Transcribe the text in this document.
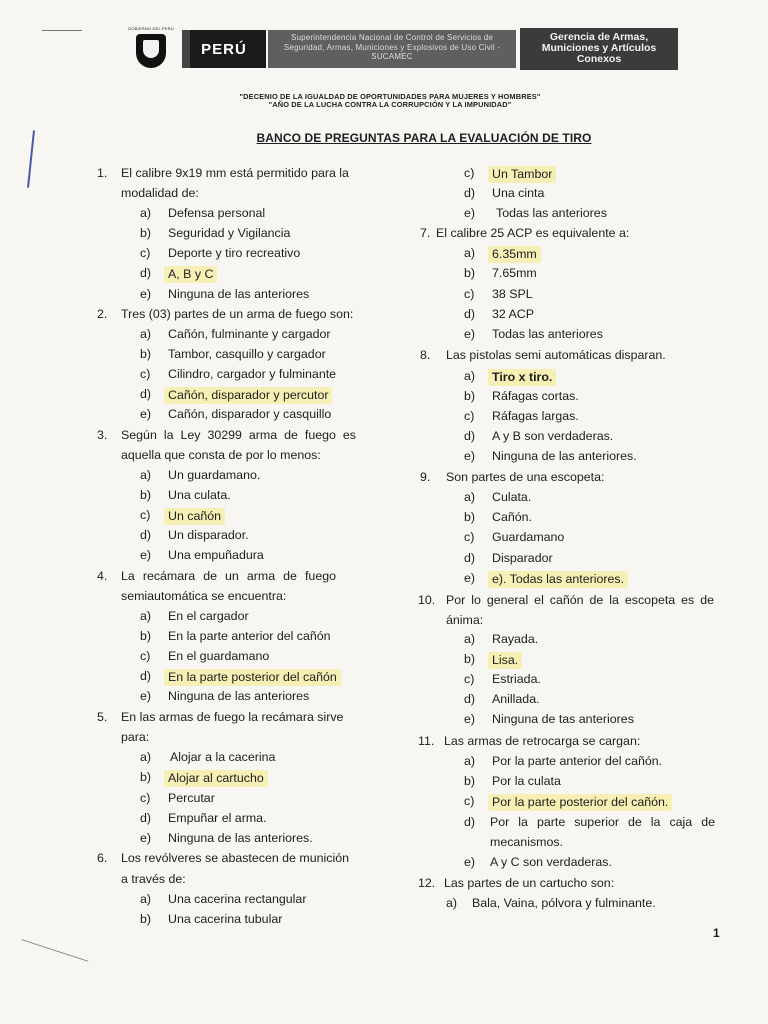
GOBIERNO DEL PERÚ
PERÚ
Superintendencia Nacional de Control de Servicios de Seguridad, Armas, Municiones y Explosivos de Uso Civil - SUCAMEC
Gerencia de Armas, Municiones y Artículos Conexos
"DECENIO DE LA IGUALDAD DE OPORTUNIDADES PARA MUJERES Y HOMBRES"
"AÑO DE LA LUCHA CONTRA LA CORRUPCIÓN Y LA IMPUNIDAD"
BANCO DE PREGUNTAS PARA LA EVALUACIÓN DE TIRO
1. El calibre 9x19 mm está permitido para la
modalidad de:
a) Defensa personal
b) Seguridad y Vigilancia
c) Deporte y tiro recreativo
d)	A, B y C
e) Ninguna de las anteriores
2. Tres (03) partes de un arma de fuego son:
a) Cañón, fulminante y cargador
b) Tambor, casquillo y cargador
c) Cilindro, cargador y fulminante
d)	Cañón, disparador y percutor
e) Cañón, disparador y casquillo
3. Según la Ley 30299 arma de fuego es
aquella que consta de por lo menos:
a) Un guardamano.
b) Una culata.
c)	Un cañón
d) Un disparador.
e) Una empuñadura
4. La recámara de un arma de fuego
semiautomática se encuentra:
a) En el cargador
b) En la parte anterior del cañón
c) En el guardamano
d)	En la parte posterior del cañón
e) Ninguna de las anteriores
5. En las armas de fuego la recámara sirve
para:
a) Alojar a la cacerina
b)	Alojar al cartucho
c) Percutar
d) Empuñar el arma.
e) Ninguna de las anteriores.
6. Los revólveres se abastecen de munición
a través de:
a) Una cacerina rectangular
b) Una cacerina tubular
c)	Un Tambor
d) Una cinta
e) Todas las anteriores
7. El calibre 25 ACP es equivalente a:
a)	6.35mm
b) 7.65mm
c) 38 SPL
d) 32 ACP
e) Todas las anteriores
8. Las pistolas semi automáticas disparan.
a)	Tiro x tiro.
b) Ráfagas cortas.
c) Ráfagas largas.
d) A y B son verdaderas.
e) Ninguna de las anteriores.
9. Son partes de una escopeta:
a) Culata.
b) Cañón.
c) Guardamano
d) Disparador
e)	e). Todas las anteriores.
10. Por lo general el cañón de la escopeta es de
ánima:
a) Rayada.
b)	Lisa.
c) Estriada.
d) Anillada.
e) Ninguna de tas anteriores
11. Las armas de retrocarga se cargan:
a) Por la parte anterior del cañón.
b) Por la culata
c)	Por la parte posterior del cañón.
d) Por la parte superior de la caja de
mecanismos.
e) A y C son verdaderas.
12. Las partes de un cartucho son:
a) Bala, Vaina, pólvora y fulminante.
1
